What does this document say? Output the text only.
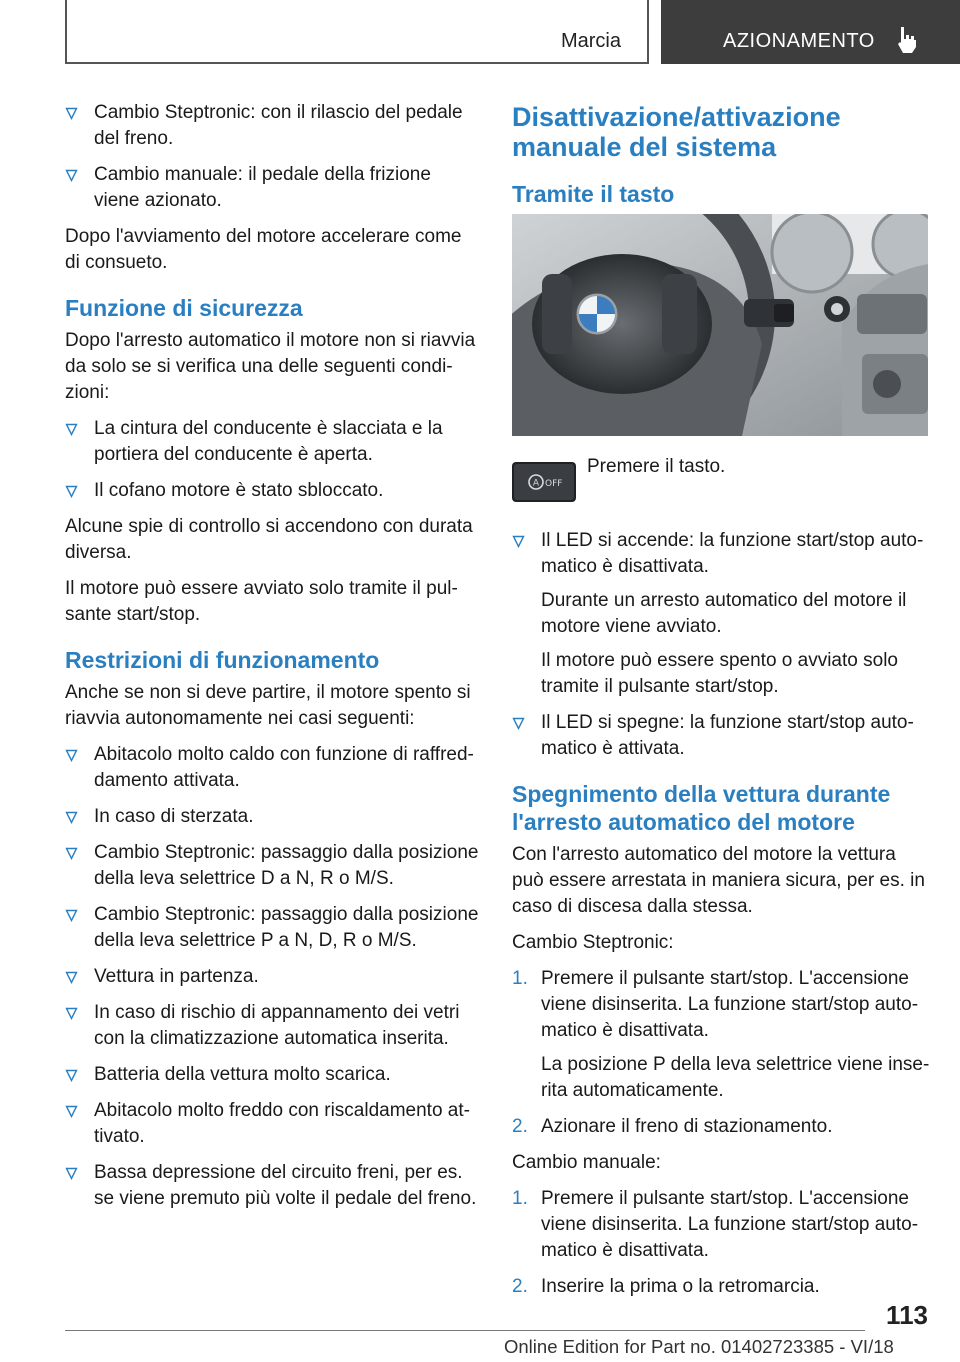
Marcia	AZIONAMENTO
Cambio Steptronic: con il rilascio del pedale del freno.
Cambio manuale: il pedale della frizione viene azionato.

Dopo l'avviamento del motore accelerare come di consueto.

Funzione di sicurezza

Dopo l'arresto automatico il motore non si riavvia da solo se si verifica una delle seguenti condi-zioni:

La cintura del conducente è slacciata e la portiera del conducente è aperta.
Il cofano motore è stato sbloccato.

Alcune spie di controllo si accendono con durata diversa.

Il motore può essere avviato solo tramite il pul-sante start/stop.

Restrizioni di funzionamento

Anche se non si deve partire, il motore spento si riavvia autonomamente nei casi seguenti:

Abitacolo molto caldo con funzione di raffred-damento attivata.
In caso di sterzata.
Cambio Steptronic: passaggio dalla posizione della leva selettrice D a N, R o M/S.
Cambio Steptronic: passaggio dalla posizione della leva selettrice P a N, D, R o M/S.
Vettura in partenza.
In caso di rischio di appannamento dei vetri con la climatizzazione automatica inserita.
Batteria della vettura molto scarica.
Abitacolo molto freddo con riscaldamento at-tivato.
Bassa depressione del circuito freni, per es. se viene premuto più volte il pedale del freno.
Disattivazione/attivazione manuale del sistema
Tramite il tasto
A OFF

Premere il tasto.

Il LED si accende: la funzione start/stop auto-matico è disattivata.
Durante un arresto automatico del motore il motore viene avviato.
Il motore può essere spento o avviato solo tramite il pulsante start/stop.
Il LED si spegne: la funzione start/stop auto-matico è attivata.
Spegnimento della vettura durante l'arresto automatico del motore

Con l'arresto automatico del motore la vettura può essere arrestata in maniera sicura, per es. in caso di discesa dalla stessa.

Cambio Steptronic:

1. Premere il pulsante start/stop. L'accensione viene disinserita. La funzione start/stop auto-matico è disattivata.
La posizione P della leva selettrice viene inse-rita automaticamente.
2. Azionare il freno di stazionamento.

Cambio manuale:

1. Premere il pulsante start/stop. L'accensione viene disinserita. La funzione start/stop auto-matico è disattivata.
2. Inserire la prima o la retromarcia.
113
Online Edition for Part no. 01402723385 - VI/18
